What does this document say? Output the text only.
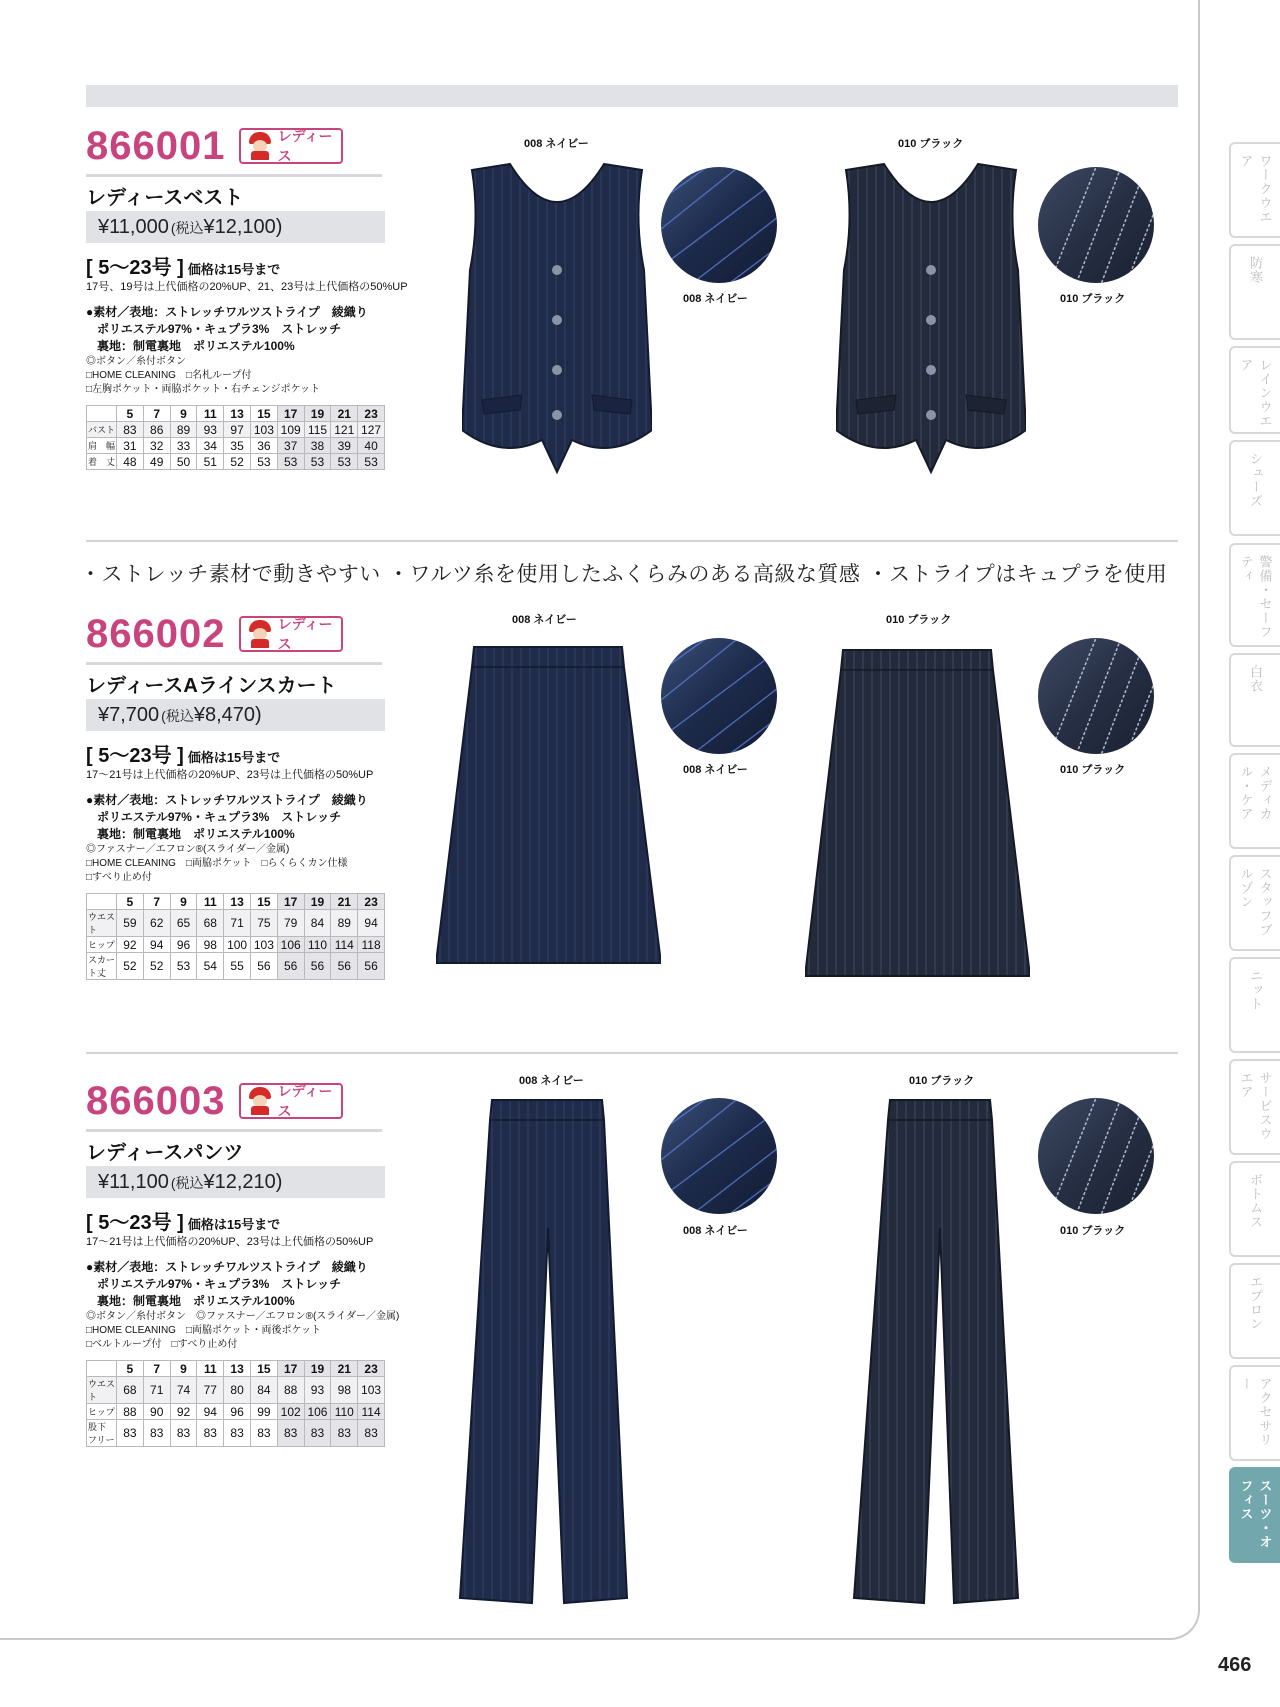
866001	レディース
レディースベスト
¥11,000 (税込 ¥12,100)
[ 5～23号 ] 価格は15号まで
17号、19号は上代価格の20%UP、21、23号は上代価格の50%UP
●素材／表地：ストレッチワルツストライプ　綾織り
ポリエステル97%・キュプラ3%　ストレッチ
裏地：制電裏地　ポリエステル100%
◎ボタン／糸付ボタン
□HOME CLEANING　□名札ループ付
□左胸ポケット・両脇ポケット・右チェンジポケット
	5	7	9	11	13	15	17	19	21	23
バスト	83	86	89	93	97	103	109	115	121	127
肩　幅	31	32	33	34	35	36	37	38	39	40
着　丈	48	49	50	51	52	53	53	53	53	53
866002	レディース
レディースAラインスカート
¥7,700 (税込 ¥8,470)
[ 5～23号 ] 価格は15号まで
17～21号は上代価格の20%UP、23号は上代価格の50%UP
●素材／表地：ストレッチワルツストライプ　綾織り
ポリエステル97%・キュプラ3%　ストレッチ
裏地：制電裏地　ポリエステル100%
◎ファスナー／エフロン®(スライダー／金属)
□HOME CLEANING　□両脇ポケット　□らくらくカン仕様
□すべり止め付
	5	7	9	11	13	15	17	19	21	23
ウエスト	59	62	65	68	71	75	79	84	89	94
ヒップ	92	94	96	98	100	103	106	110	114	118
スカート丈	52	52	53	54	55	56	56	56	56	56
866003	レディース
レディースパンツ
¥11,100 (税込 ¥12,210)
[ 5～23号 ] 価格は15号まで
17～21号は上代価格の20%UP、23号は上代価格の50%UP
●素材／表地：ストレッチワルツストライプ　綾織り
ポリエステル97%・キュプラ3%　ストレッチ
裏地：制電裏地　ポリエステル100%
◎ボタン／糸付ボタン　◎ファスナー／エフロン®(スライダー／金属)
□HOME CLEANING　□両脇ポケット・両後ポケット
□ベルトループ付　□すべり止め付
	5	7	9	11	13	15	17	19	21	23
ウエスト	68	71	74	77	80	84	88	93	98	103
ヒップ	88	90	92	94	96	99	102	106	110	114
股下フリー	83	83	83	83	83	83	83	83	83	83
・ストレッチ素材で動きやすい ・ワルツ糸を使用したふくらみのある高級な質感 ・ストライプはキュプラを使用
008 ネイビー	010 ブラック
008 ネイビー	010 ブラック
008 ネイビー	010 ブラック
008 ネイビー	010 ブラック
008 ネイビー	010 ブラック
008 ネイビー	010 ブラック
ワークウエア
防寒
レインウエア
シューズ
警備・セーフティ
白衣
メディカル・ケア
スタッフブルゾン
ニット
サービスウエア
ボトムス
エプロン
アクセサリー
スーツ・オフィス
466
